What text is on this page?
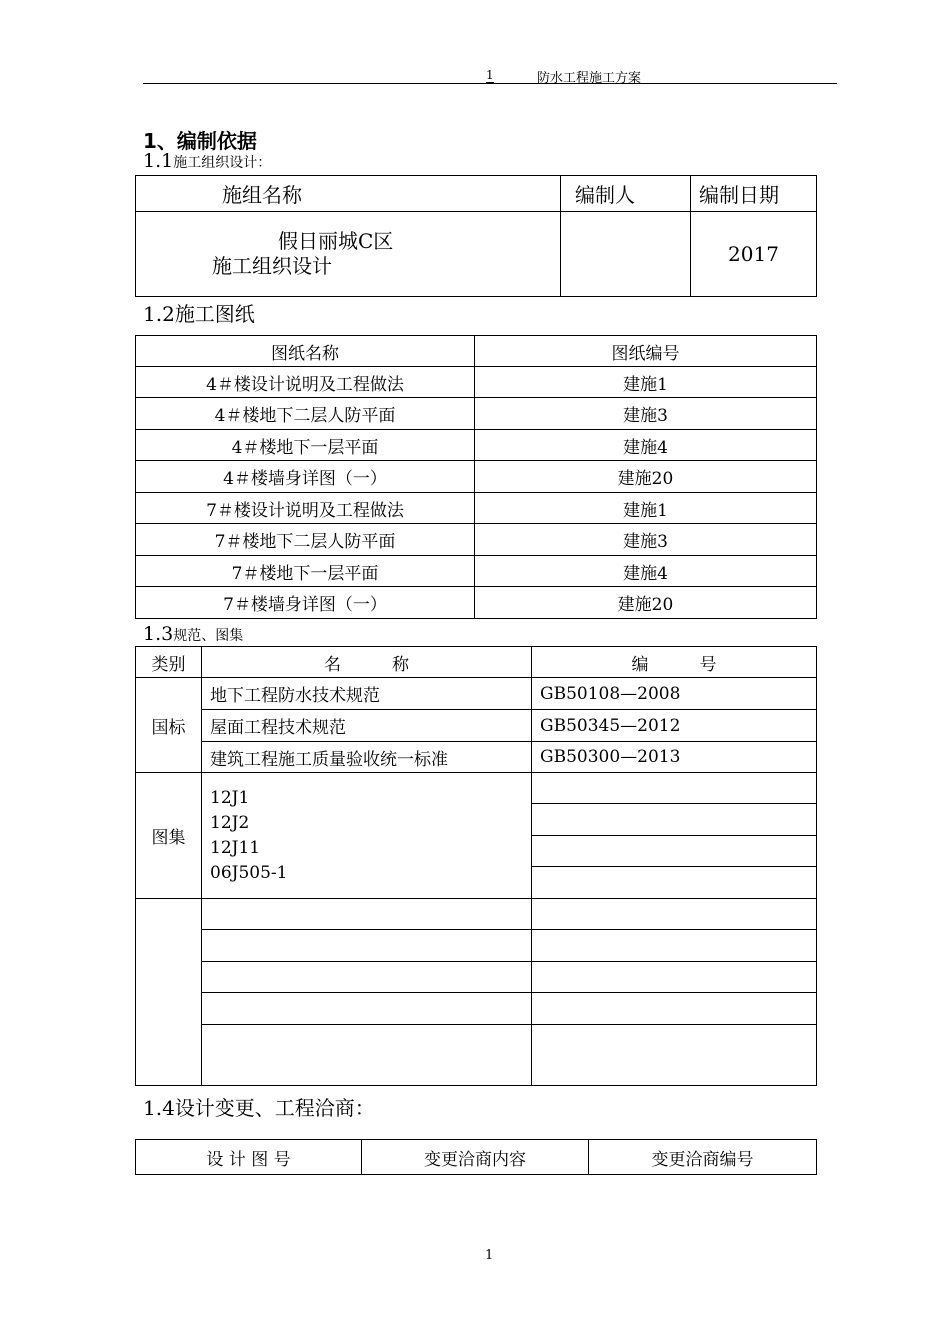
1	防水工程施工方案
1、编制依据
1.1施工组织设计：
施组名称	编制人	编制日期

假日丽城C区
施工组织设计		2017
1.2施工图纸
图纸名称	图纸编号
4＃楼设计说明及工程做法	建施1
4＃楼地下二层人防平面	建施3
4＃楼地下一层平面	建施4
4＃楼墙身详图（一）	建施20
7＃楼设计说明及工程做法	建施1
7＃楼地下二层人防平面	建施3
7＃楼地下一层平面	建施4
7＃楼墙身详图（一）	建施20
1.3规范、图集
类别	名　　　称	编　　　号
国标	地下工程防水技术规范	GB50108—2008
	屋面工程技术规范	GB50345—2012
	建筑工程施工质量验收统一标准	GB50300—2013
图集	12J1
12J2
12J11
06J505-1	

1.4设计变更、工程洽商：
设 计 图 号	变更洽商内容	变更洽商编号
1
